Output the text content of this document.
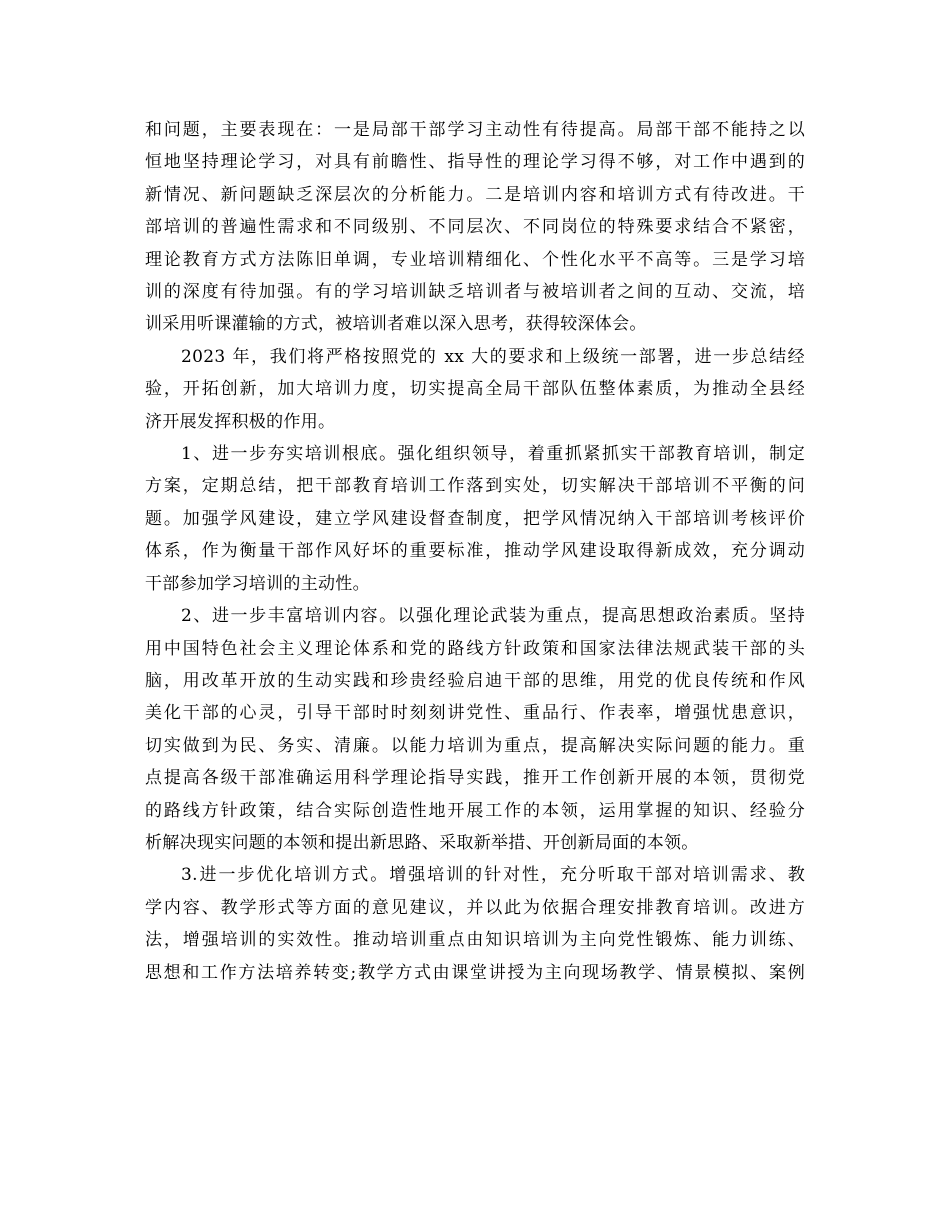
和问题，主要表现在：一是局部干部学习主动性有待提高。局部干部不能持之以
恒地坚持理论学习，对具有前瞻性、指导性的理论学习得不够，对工作中遇到的
新情况、新问题缺乏深层次的分析能力。二是培训内容和培训方式有待改进。干
部培训的普遍性需求和不同级别、不同层次、不同岗位的特殊要求结合不紧密，
理论教育方式方法陈旧单调，专业培训精细化、个性化水平不高等。三是学习培
训的深度有待加强。有的学习培训缺乏培训者与被培训者之间的互动、交流，培
训采用听课灌输的方式，被培训者难以深入思考，获得较深体会。

2023 年，我们将严格按照党的 xx 大的要求和上级统一部署，进一步总结经
验，开拓创新，加大培训力度，切实提高全局干部队伍整体素质，为推动全县经
济开展发挥积极的作用。

1、进一步夯实培训根底。强化组织领导，着重抓紧抓实干部教育培训，制定
方案，定期总结，把干部教育培训工作落到实处，切实解决干部培训不平衡的问
题。加强学风建设，建立学风建设督查制度，把学风情况纳入干部培训考核评价
体系，作为衡量干部作风好坏的重要标准，推动学风建设取得新成效，充分调动
干部参加学习培训的主动性。

2、进一步丰富培训内容。以强化理论武装为重点，提高思想政治素质。坚持
用中国特色社会主义理论体系和党的路线方针政策和国家法律法规武装干部的头
脑，用改革开放的生动实践和珍贵经验启迪干部的思维，用党的优良传统和作风
美化干部的心灵，引导干部时时刻刻讲党性、重品行、作表率，增强忧患意识，
切实做到为民、务实、清廉。以能力培训为重点，提高解决实际问题的能力。重
点提高各级干部准确运用科学理论指导实践，推开工作创新开展的本领，贯彻党
的路线方针政策，结合实际创造性地开展工作的本领，运用掌握的知识、经验分
析解决现实问题的本领和提出新思路、采取新举措、开创新局面的本领。

3.进一步优化培训方式。增强培训的针对性，充分听取干部对培训需求、教
学内容、教学形式等方面的意见建议，并以此为依据合理安排教育培训。改进方
法，增强培训的实效性。推动培训重点由知识培训为主向党性锻炼、能力训练、
思想和工作方法培养转变;教学方式由课堂讲授为主向现场教学、情景模拟、案例
